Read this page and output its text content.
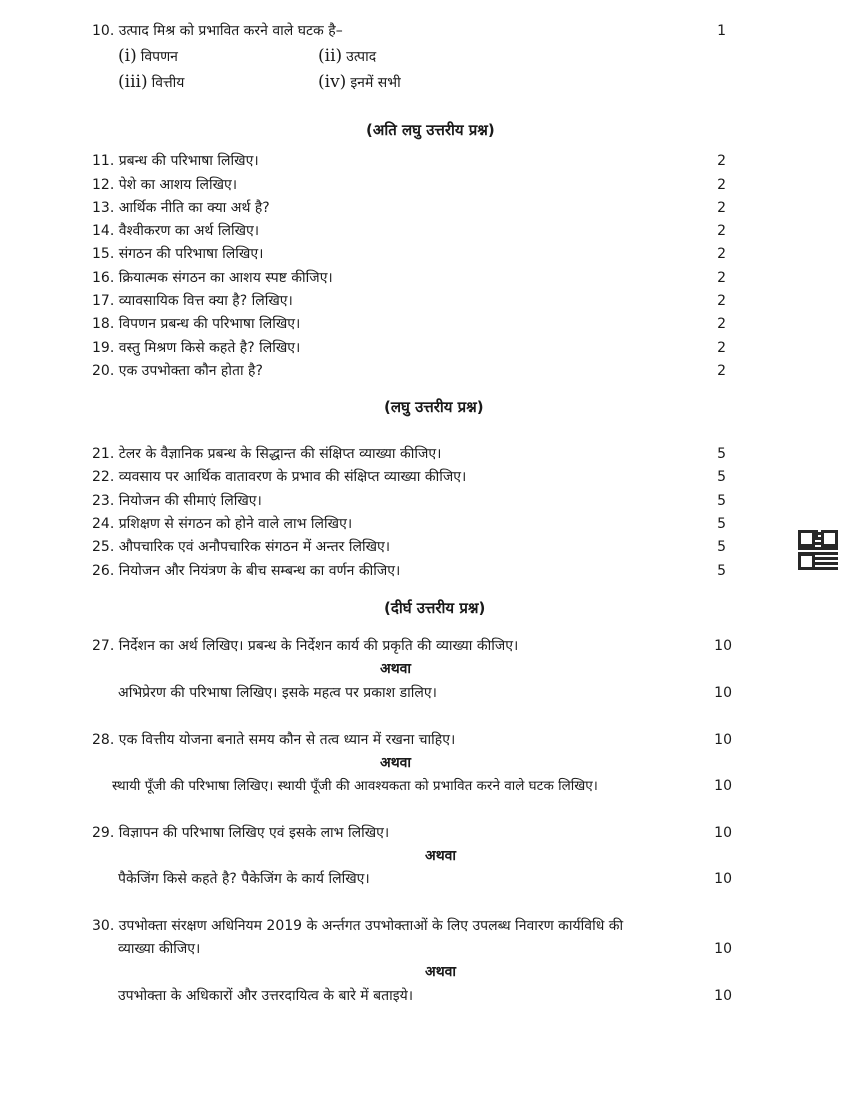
10. उत्पाद मिश्र को प्रभावित करने वाले घटक है–	1
(i) विपणन	(ii) उत्पाद
(iii) वित्तीय	(iv) इनमें सभी
(अति लघु उत्तरीय प्रश्न)
11. प्रबन्ध की परिभाषा लिखिए।	2
12. पेशे का आशय लिखिए।	2
13. आर्थिक नीति का क्या अर्थ है?	2
14. वैश्वीकरण का अर्थ लिखिए।	2
15. संगठन की परिभाषा लिखिए।	2
16. क्रियात्मक संगठन का आशय स्पष्ट कीजिए।	2
17. व्यावसायिक वित्त क्या है? लिखिए।	2
18. विपणन प्रबन्ध की परिभाषा लिखिए।	2
19. वस्तु मिश्रण किसे कहते है? लिखिए।	2
20. एक उपभोक्ता कौन होता है?	2
(लघु उत्तरीय प्रश्न)
21. टेलर के वैज्ञानिक प्रबन्ध के सिद्धान्त की संक्षिप्त व्याख्या कीजिए।	5
22. व्यवसाय पर आर्थिक वातावरण के प्रभाव की संक्षिप्त व्याख्या कीजिए।	5
23. नियोजन की सीमाएं लिखिए।	5
24. प्रशिक्षण से संगठन को होने वाले लाभ लिखिए।	5
25. औपचारिक एवं अनौपचारिक संगठन में अन्तर लिखिए।	5
26. नियोजन और नियंत्रण के बीच सम्बन्ध का वर्णन कीजिए।	5
(दीर्घ उत्तरीय प्रश्न)
27. निर्देशन का अर्थ लिखिए। प्रबन्ध के निर्देशन कार्य की प्रकृति की व्याख्या कीजिए।	10
अथवा
अभिप्रेरण की परिभाषा लिखिए। इसके महत्व पर प्रकाश डालिए।	10
28. एक वित्तीय योजना बनाते समय कौन से तत्व ध्यान में रखना चाहिए।	10
अथवा
स्थायी पूँजी की परिभाषा लिखिए। स्थायी पूँजी की आवश्यकता को प्रभावित करने वाले घटक लिखिए।	10
29. विज्ञापन की परिभाषा लिखिए एवं इसके लाभ लिखिए।	10
अथवा
पैकेजिंग किसे कहते है? पैकेजिंग के कार्य लिखिए।	10
30. उपभोक्ता संरक्षण अधिनियम 2019 के अर्न्तगत उपभोक्ताओं के लिए उपलब्ध निवारण कार्यविधि की
व्याख्या कीजिए।	10
अथवा
उपभोक्ता के अधिकारों और उत्तरदायित्व के बारे में बताइये।	10
